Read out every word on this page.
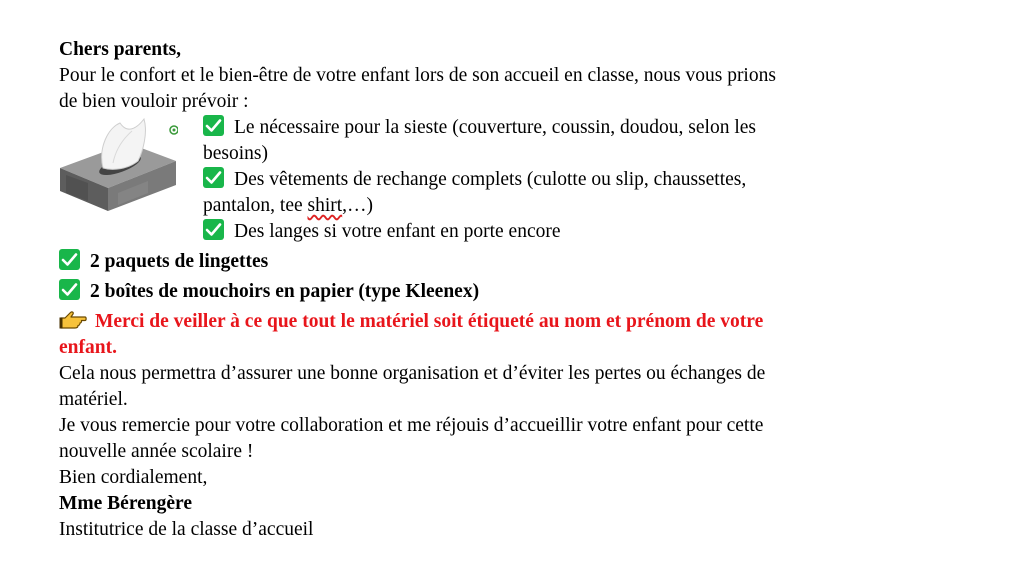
Chers parents,
Pour le confort et le bien-être de votre enfant lors de son accueil en classe, nous vous prions
de bien vouloir prévoir :
Le nécessaire pour la sieste (couverture, coussin, doudou, selon les
besoins)
Des vêtements de rechange complets (culotte ou slip, chaussettes,
pantalon, tee shirt,…)
Des langes si votre enfant en porte encore
2 paquets de lingettes
2 boîtes de mouchoirs en papier (type Kleenex)
Merci de veiller à ce que tout le matériel soit étiqueté au nom et prénom de votre
enfant.
Cela nous permettra d’assurer une bonne organisation et d’éviter les pertes ou échanges de
matériel.
Je vous remercie pour votre collaboration et me réjouis d’accueillir votre enfant pour cette
nouvelle année scolaire !
Bien cordialement,
Mme Bérengère
Institutrice de la classe d’accueil
